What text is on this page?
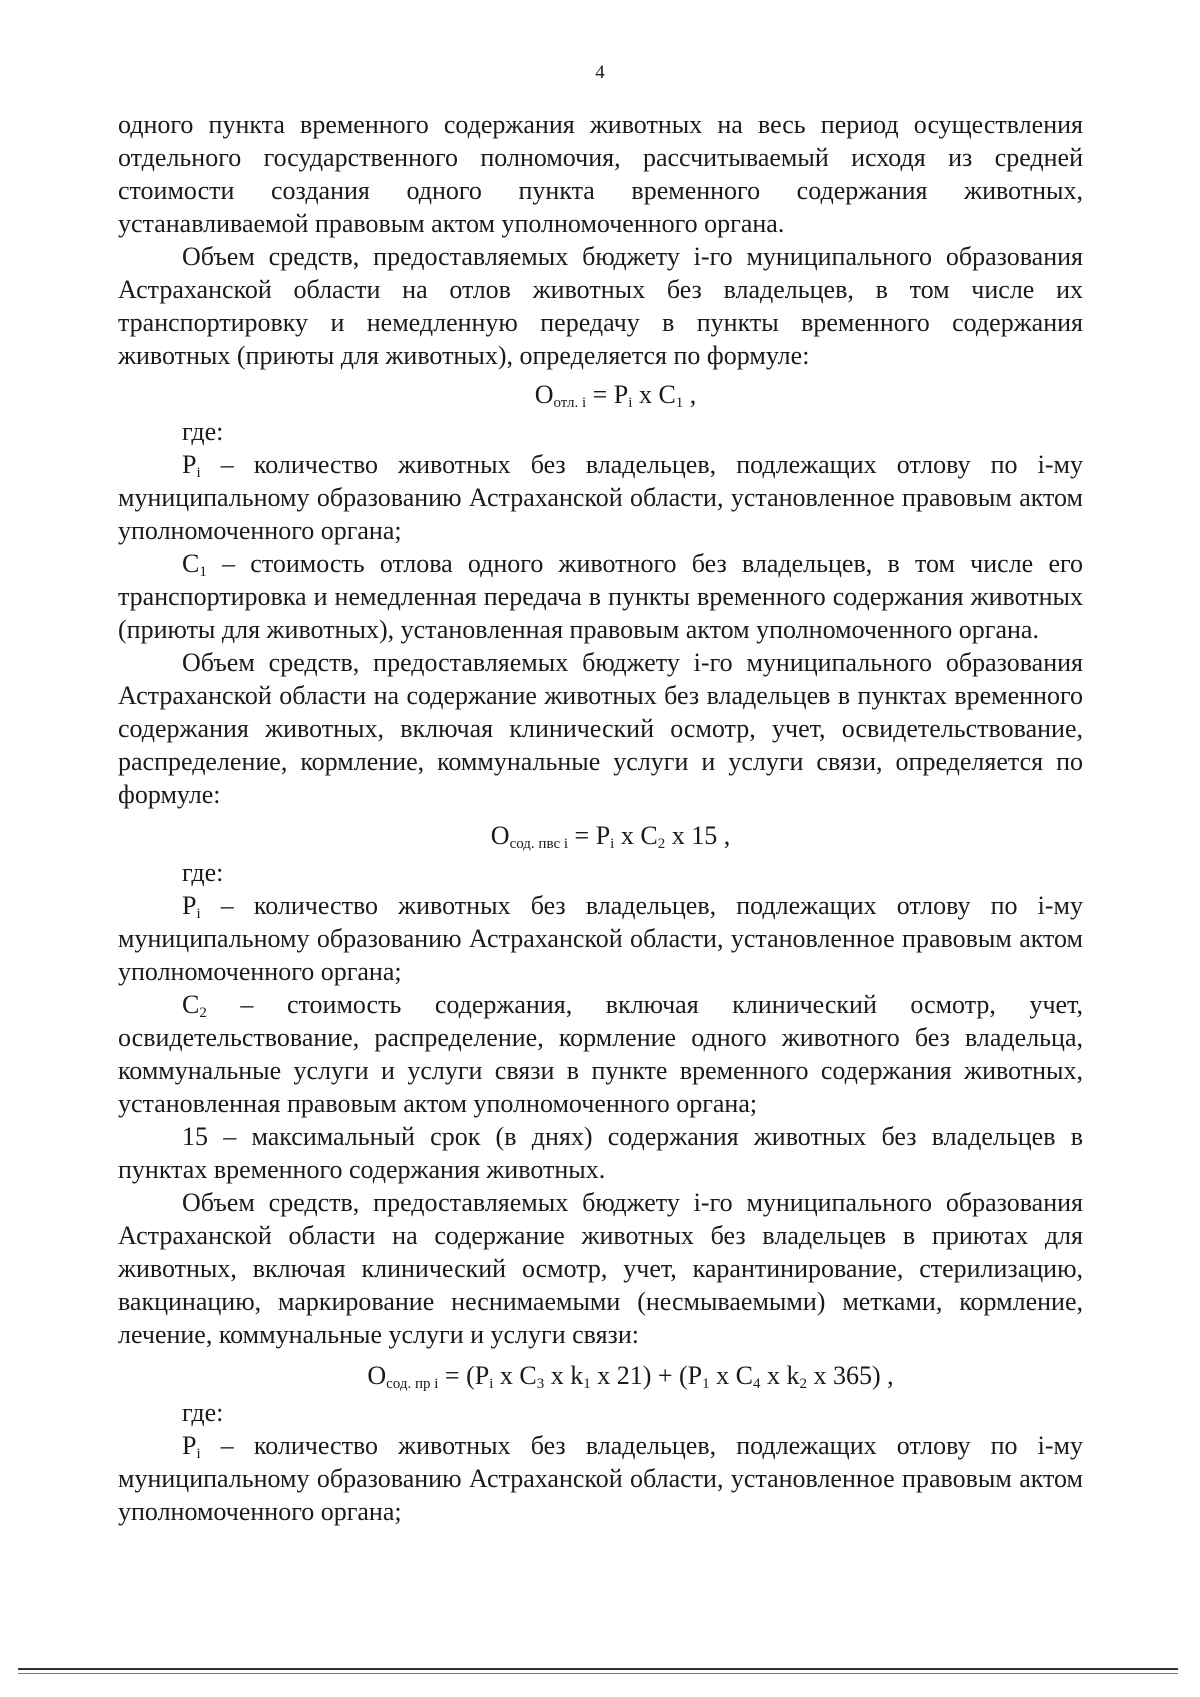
4

одного пункта временного содержания животных на весь период осуществления отдельного государственного полномочия, рассчитываемый исходя из средней стоимости создания одного пункта временного содержания животных, устанавливаемой правовым актом уполномоченного органа.

Объем средств, предоставляемых бюджету i-го муниципального образования Астраханской области на отлов животных без владельцев, в том числе их транспортировку и немедленную передачу в пункты временного содержания животных (приюты для животных), определяется по формуле:

$О_{отл. i} = P_i$ x $C_1$ ,

где:

$P_i$ – количество животных без владельцев, подлежащих отлову по i-му муниципальному образованию Астраханской области, установленное правовым актом уполномоченного органа;

$C_1$ – стоимость отлова одного животного без владельцев, в том числе его транспортировка и немедленная передача в пункты временного содержания животных (приюты для животных), установленная правовым актом уполномоченного органа.

Объем средств, предоставляемых бюджету i-го муниципального образования Астраханской области на содержание животных без владельцев в пунктах временного содержания животных, включая клинический осмотр, учет, освидетельствование, распределение, кормление, коммунальные услуги и услуги связи, определяется по формуле:

$О_{сод. пвс i} = P_i$ x $C_2$ x 15 ,

где:

$P_i$ – количество животных без владельцев, подлежащих отлову по i-му муниципальному образованию Астраханской области, установленное правовым актом уполномоченного органа;

$C_2$ – стоимость содержания, включая клинический осмотр, учет, освидетельствование, распределение, кормление одного животного без владельца, коммунальные услуги и услуги связи в пункте временного содержания животных, установленная правовым актом уполномоченного органа;

15 – максимальный срок (в днях) содержания животных без владельцев в пунктах временного содержания животных.

Объем средств, предоставляемых бюджету i-го муниципального образования Астраханской области на содержание животных без владельцев в приютах для животных, включая клинический осмотр, учет, карантинирование, стерилизацию, вакцинацию, маркирование неснимаемыми (несмываемыми) метками, кормление, лечение, коммунальные услуги и услуги связи:

$О_{сод. пр i} = (P_i$ x $C_3$ x $k_1$ x $21) + (P_1$ x $C_4$ x $k_2$ x 365) ,

где:

$P_i$ – количество животных без владельцев, подлежащих отлову по i-му муниципальному образованию Астраханской области, установленное правовым актом уполномоченного органа;
